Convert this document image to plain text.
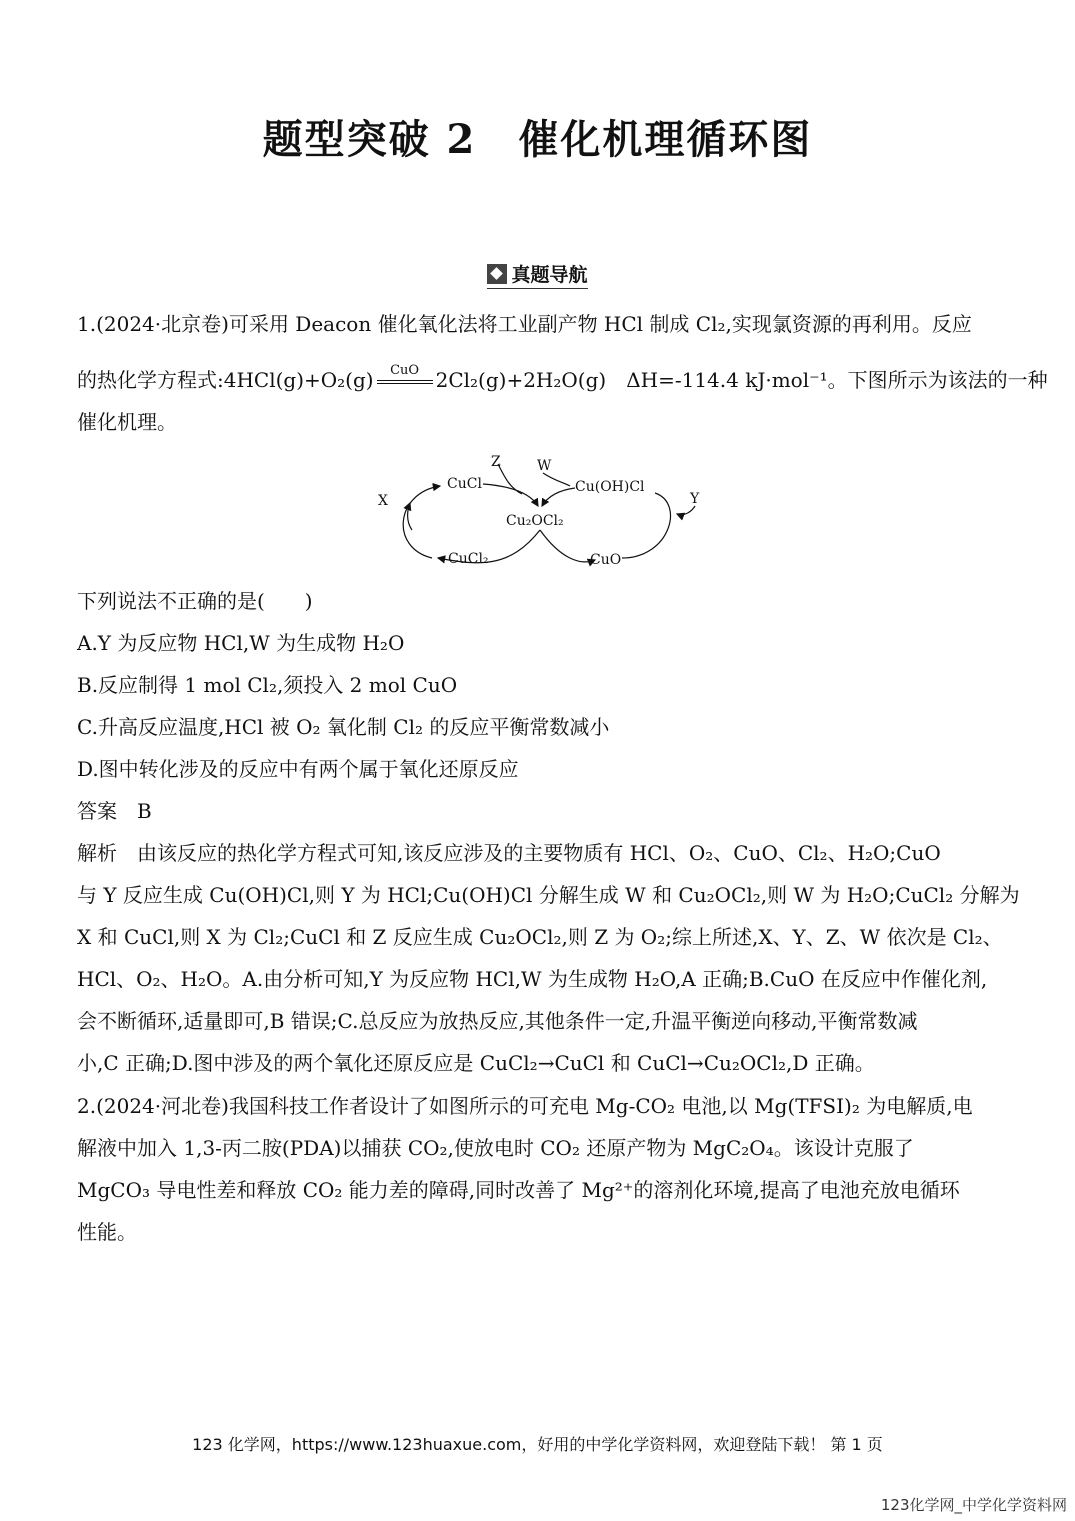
题型突破 2　催化机理循环图
真题导航
1.(2024·北京卷)可采用 Deacon 催化氧化法将工业副产物 HCl 制成 Cl₂,实现氯资源的再利用。反应
的热化学方程式:4HCl(g)+O₂(g)	CuO 2Cl₂(g)+2H₂O(g)　ΔH=-114.4 kJ·mol⁻¹。下图所示为该法的一种
催化机理。
CuCl	Cu(OH)Cl
Cu₂OCl₂
CuCl₂	CuO
X	Y
Z	W
下列说法不正确的是(　　)
A.Y 为反应物 HCl,W 为生成物 H₂O
B.反应制得 1 mol Cl₂,须投入 2 mol CuO
C.升高反应温度,HCl 被 O₂ 氧化制 Cl₂ 的反应平衡常数减小
D.图中转化涉及的反应中有两个属于氧化还原反应
答案　B
解析　由该反应的热化学方程式可知,该反应涉及的主要物质有 HCl、O₂、CuO、Cl₂、H₂O;CuO
与 Y 反应生成 Cu(OH)Cl,则 Y 为 HCl;Cu(OH)Cl 分解生成 W 和 Cu₂OCl₂,则 W 为 H₂O;CuCl₂ 分解为
X 和 CuCl,则 X 为 Cl₂;CuCl 和 Z 反应生成 Cu₂OCl₂,则 Z 为 O₂;综上所述,X、Y、Z、W 依次是 Cl₂、
HCl、O₂、H₂O。A.由分析可知,Y 为反应物 HCl,W 为生成物 H₂O,A 正确;B.CuO 在反应中作催化剂,
会不断循环,适量即可,B 错误;C.总反应为放热反应,其他条件一定,升温平衡逆向移动,平衡常数减
小,C 正确;D.图中涉及的两个氧化还原反应是 CuCl₂→CuCl 和 CuCl→Cu₂OCl₂,D 正确。
2.(2024·河北卷)我国科技工作者设计了如图所示的可充电 Mg-CO₂ 电池,以 Mg(TFSI)₂ 为电解质,电
解液中加入 1,3-丙二胺(PDA)以捕获 CO₂,使放电时 CO₂ 还原产物为 MgC₂O₄。该设计克服了
MgCO₃ 导电性差和释放 CO₂ 能力差的障碍,同时改善了 Mg²⁺的溶剂化环境,提高了电池充放电循环
性能。
123 化学网，https://www.123huaxue.com，好用的中学化学资料网，欢迎登陆下载！ 第 1 页
123化学网_中学化学资料网
